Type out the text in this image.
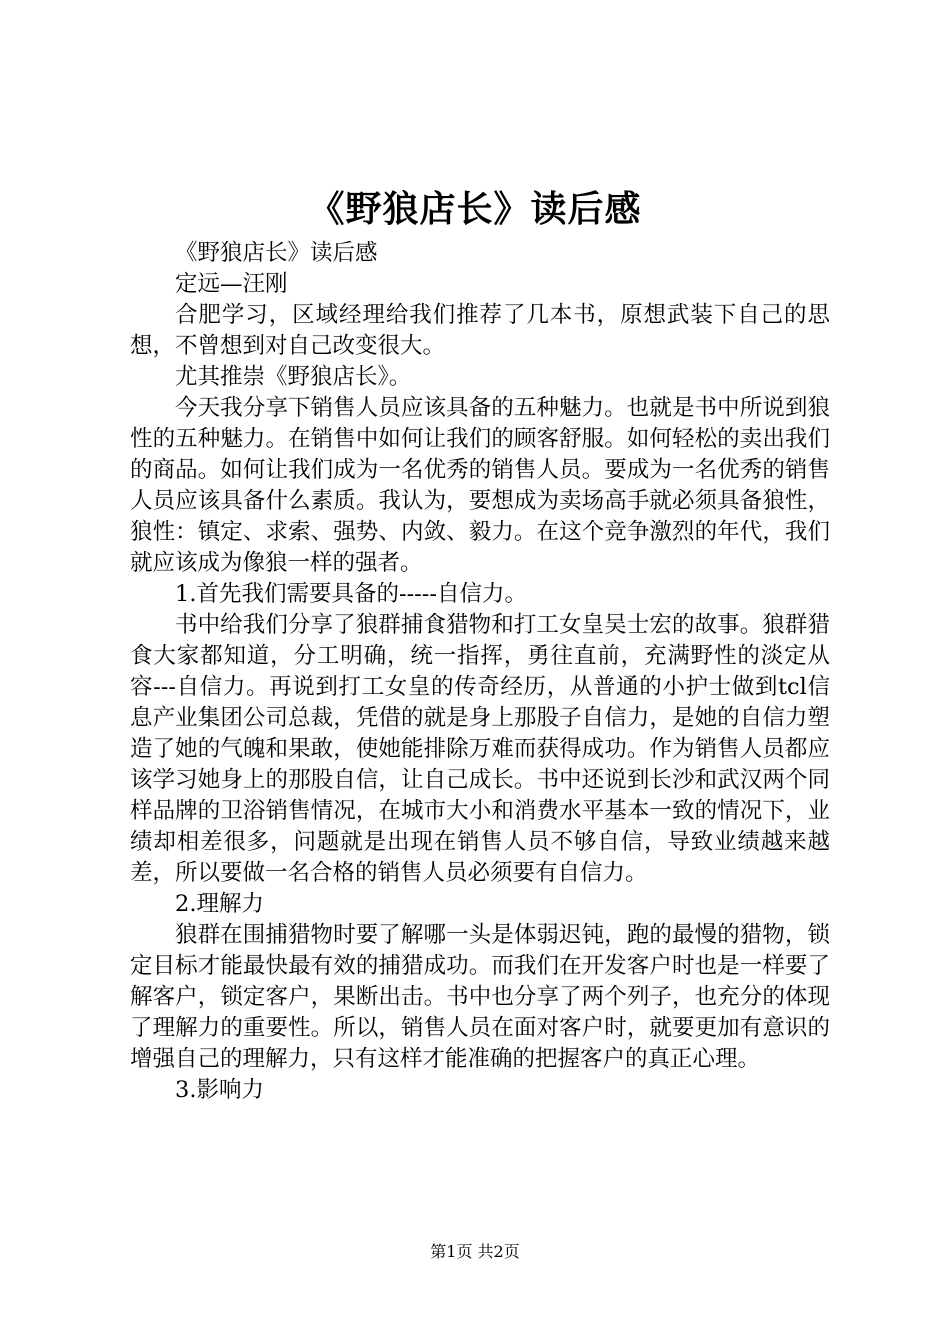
《野狼店长》读后感

《野狼店长》读后感

定远—汪刚

合肥学习，区域经理给我们推荐了几本书，原想武装下自己的思想，不曾想到对自己改变很大。

尤其推崇《野狼店长》。

今天我分享下销售人员应该具备的五种魅力。也就是书中所说到狼性的五种魅力。在销售中如何让我们的顾客舒服。如何轻松的卖出我们的商品。如何让我们成为一名优秀的销售人员。要成为一名优秀的销售人员应该具备什么素质。我认为，要想成为卖场高手就必须具备狼性，狼性：镇定、求索、强势、内敛、毅力。在这个竞争激烈的年代，我们就应该成为像狼一样的强者。

1.首先我们需要具备的-----自信力。

书中给我们分享了狼群捕食猎物和打工女皇吴士宏的故事。狼群猎食大家都知道，分工明确，统一指挥，勇往直前，充满野性的淡定从容---自信力。再说到打工女皇的传奇经历，从普通的小护士做到tcl信息产业集团公司总裁，凭借的就是身上那股子自信力，是她的自信力塑造了她的气魄和果敢，使她能排除万难而获得成功。作为销售人员都应该学习她身上的那股自信，让自己成长。书中还说到长沙和武汉两个同样品牌的卫浴销售情况，在城市大小和消费水平基本一致的情况下，业绩却相差很多，问题就是出现在销售人员不够自信，导致业绩越来越差，所以要做一名合格的销售人员必须要有自信力。

2.理解力

狼群在围捕猎物时要了解哪一头是体弱迟钝，跑的最慢的猎物，锁定目标才能最快最有效的捕猎成功。而我们在开发客户时也是一样要了解客户，锁定客户，果断出击。书中也分享了两个列子，也充分的体现了理解力的重要性。所以，销售人员在面对客户时，就要更加有意识的增强自己的理解力，只有这样才能准确的把握客户的真正心理。

3.影响力

第1页 共2页
